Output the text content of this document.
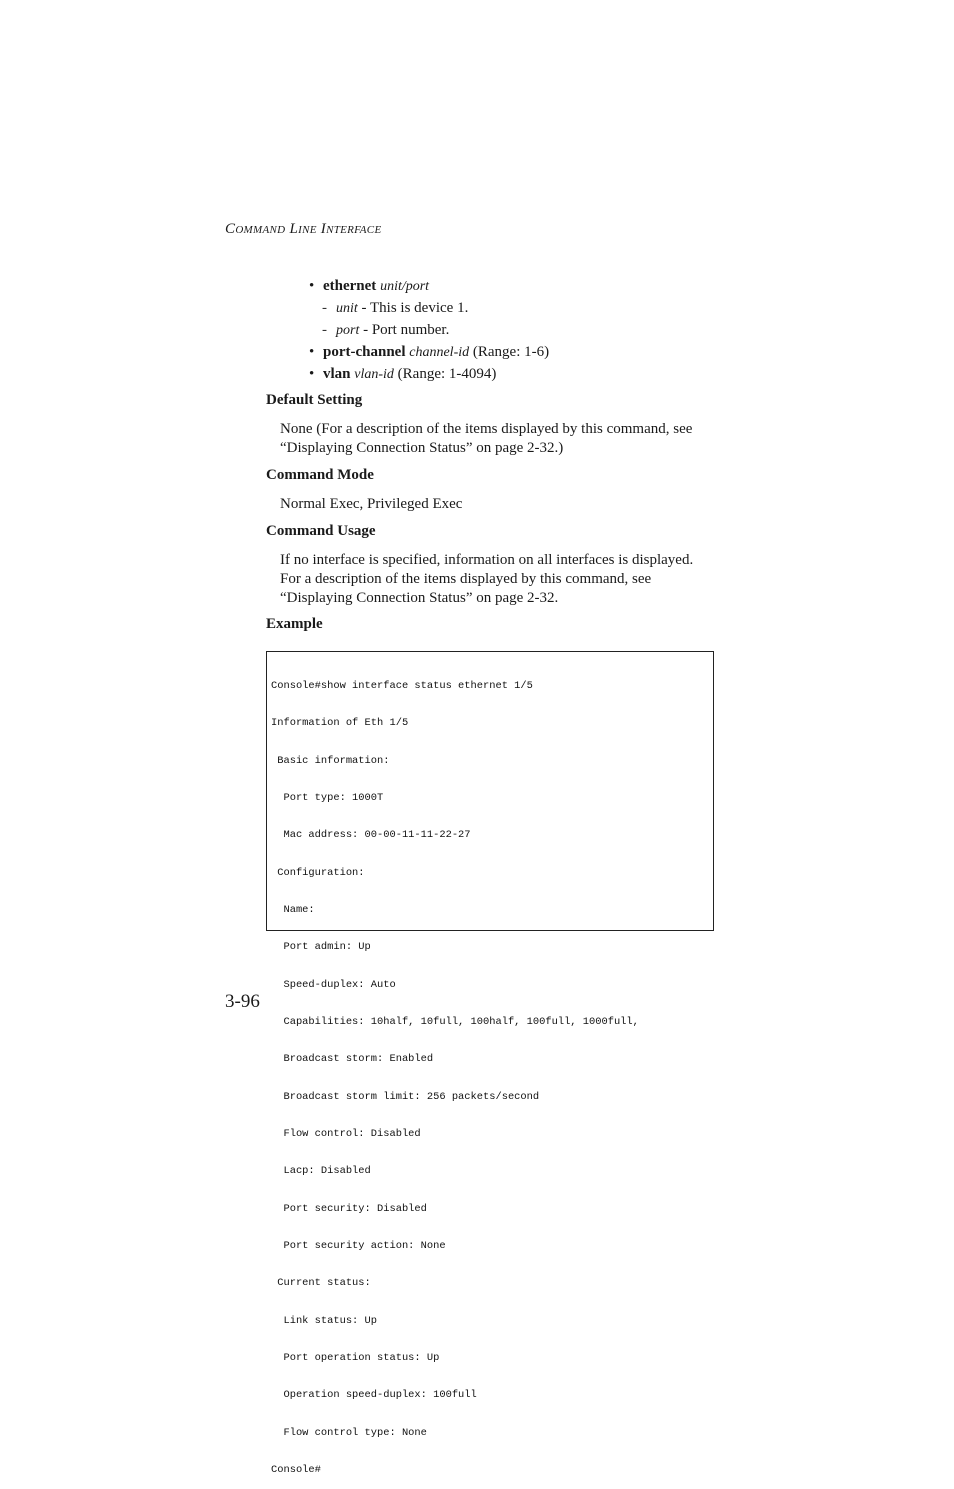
COMMAND LINE INTERFACE
• ethernet unit/port
- unit - This is device 1.
- port - Port number.
• port-channel channel-id (Range: 1-6)
• vlan vlan-id (Range: 1-4094)
Default Setting
None (For a description of the items displayed by this command, see
“Displaying Connection Status” on page 2-32.)
Command Mode
Normal Exec, Privileged Exec
Command Usage
If no interface is specified, information on all interfaces is displayed.
For a description of the items displayed by this command, see
“Displaying Connection Status” on page 2-32.
Example

Console#show interface status ethernet 1/5

Information of Eth 1/5

Basic information:

Port type: 1000T

Mac address: 00-00-11-11-22-27

Configuration:

Name:

Port admin: Up

Speed-duplex: Auto

Capabilities: 10half, 10full, 100half, 100full, 1000full,

Broadcast storm: Enabled

Broadcast storm limit: 256 packets/second

Flow control: Disabled

Lacp: Disabled

Port security: Disabled

Port security action: None

Current status:

Link status: Up

Port operation status: Up

Operation speed-duplex: 100full

Flow control type: None

Console#

3-96
